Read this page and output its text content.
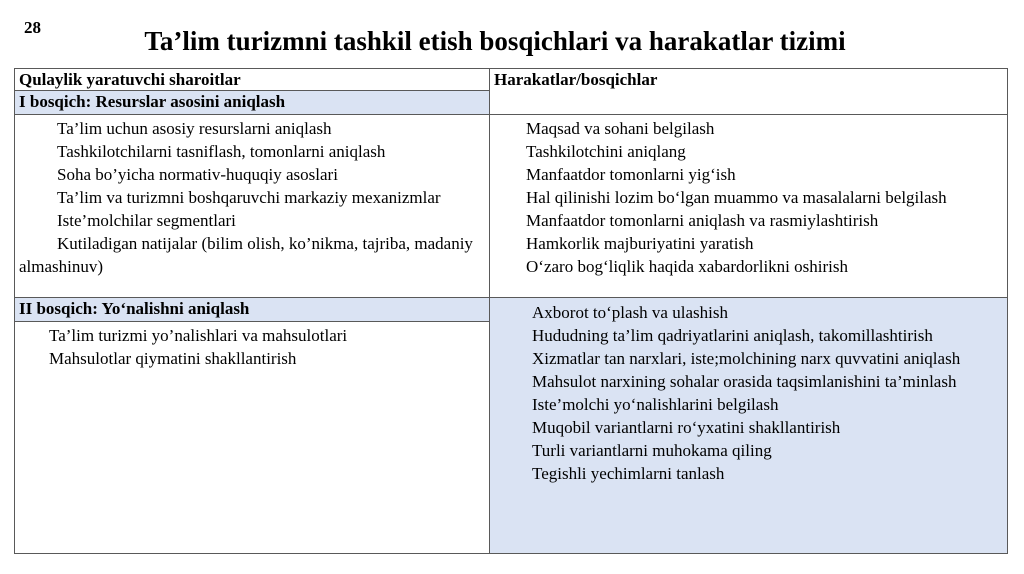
28	Ta’lim turizmni tashkil etish bosqichlari va harakatlar tizimi
Qulaylik yaratuvchi sharoitlar	Harakatlar/bosqichlar
I bosqich: Resurslar asosini aniqlash
Ta’lim uchun asosiy resurslarni aniqlash
Tashkilotchilarni tasniflash, tomonlarni aniqlash
Soha bo’yicha normativ-huquqiy asoslari
Ta’lim va turizmni boshqaruvchi markaziy mexanizmlar
Iste’molchilar segmentlari
Kutiladigan natijalar (bilim olish, ko’nikma, tajriba, madaniy almashinuv)
Maqsad va sohani belgilash
Tashkilotchini aniqlang
Manfaatdor tomonlarni yig‘ish
Hal qilinishi lozim bo‘lgan muammo va masalalarni belgilash
Manfaatdor tomonlarni aniqlash va rasmiylashtirish
Hamkorlik majburiyatini yaratish
O‘zaro bog‘liqlik haqida xabardorlikni oshirish
II bosqich: Yo‘nalishni aniqlash
Ta’lim turizmi yo’nalishlari va mahsulotlari
Mahsulotlar qiymatini shakllantirish
Axborot to‘plash va ulashish
Hududning ta’lim qadriyatlarini aniqlash, takomillashtirish
Xizmatlar tan narxlari, iste;molchining narx quvvatini aniqlash
Mahsulot narxining sohalar orasida taqsimlanishini ta’minlash
Iste’molchi yo‘nalishlarini belgilash
Muqobil variantlarni ro‘yxatini shakllantirish
Turli variantlarni muhokama qiling
Tegishli yechimlarni tanlash
